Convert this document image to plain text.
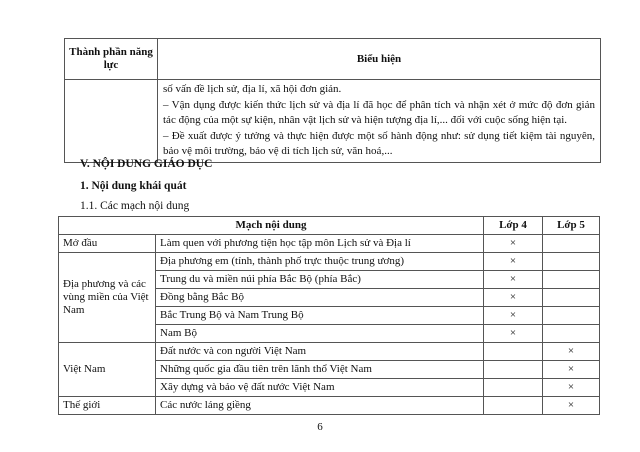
Thành phần năng lực	Biểu hiện

	số vấn đề lịch sử, địa lí, xã hội đơn giản.

– Vận dụng được kiến thức lịch sử và địa lí đã học để phân tích và nhận xét ở mức độ đơn giản tác động của một sự kiện, nhân vật lịch sử và hiện tượng địa lí,... đối với cuộc sống hiện tại.

– Đề xuất được ý tưởng và thực hiện được một số hành động như: sử dụng tiết kiệm tài nguyên, bảo vệ môi trường, bảo vệ di tích lịch sử, văn hoá,...

V. NỘI DUNG GIÁO DỤC
1. Nội dung khái quát
1.1. Các mạch nội dung
Mạch nội dung		Lớp 4	Lớp 5
Mở đầu	Làm quen với phương tiện học tập môn Lịch sử và Địa lí	×	
Địa phương và các vùng miền của Việt Nam	Địa phương em (tỉnh, thành phố trực thuộc trung ương)	×	
	Trung du và miền núi phía Bắc Bộ (phía Bắc)	×	
	Đồng bằng Bắc Bộ	×	
	Bắc Trung Bộ và Nam Trung Bộ	×	
	Nam Bộ	×	
Việt Nam	Đất nước và con người Việt Nam		×
	Những quốc gia đầu tiên trên lãnh thổ Việt Nam		×
	Xây dựng và bảo vệ đất nước Việt Nam		×
Thế giới	Các nước láng giềng		×
6
